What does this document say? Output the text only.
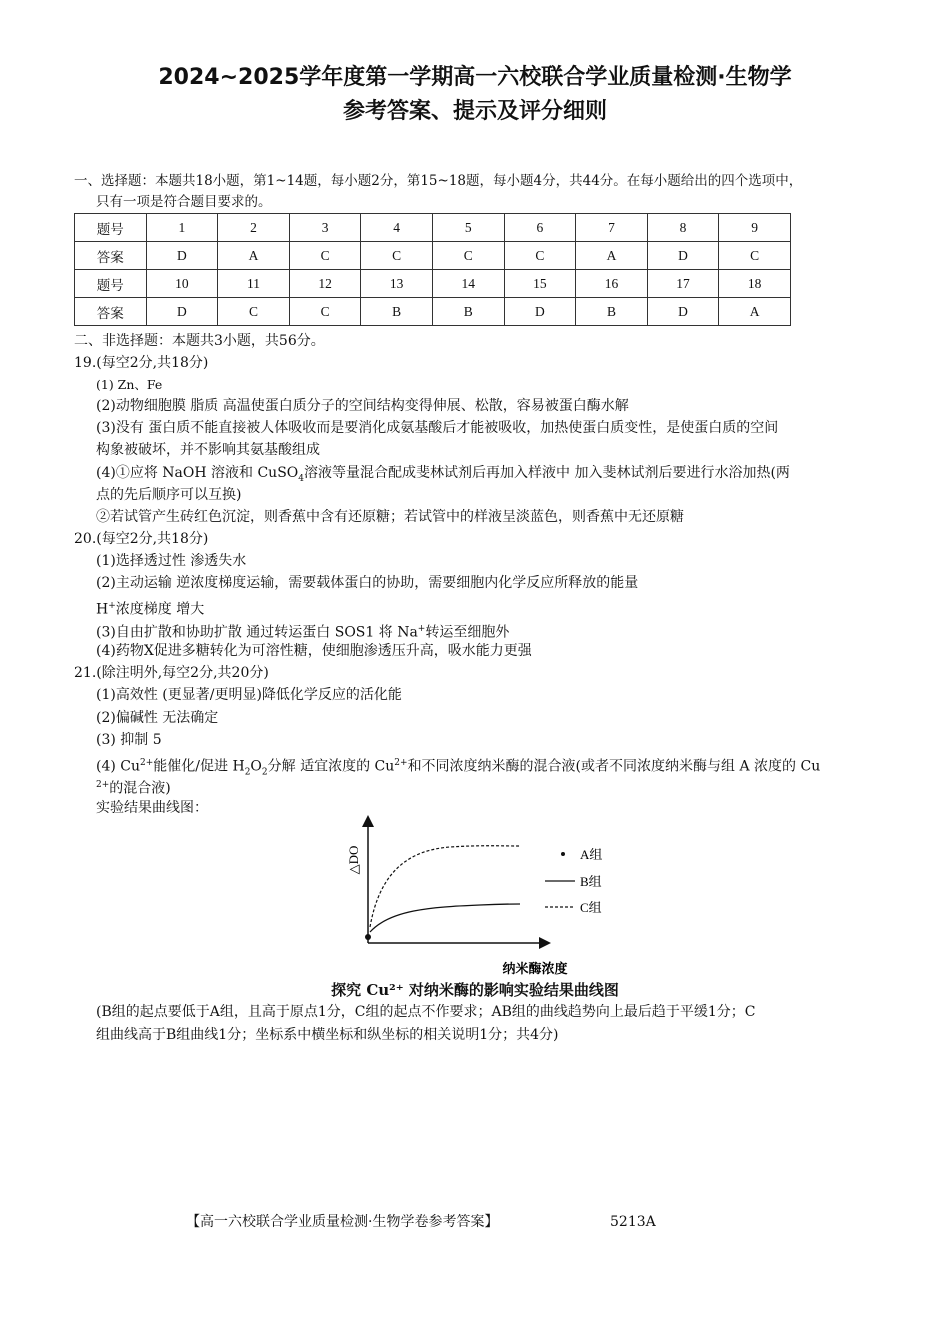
2024~2025学年度第一学期高一六校联合学业质量检测·生物学
参考答案、提示及评分细则
一、选择题：本题共18小题，第1~14题，每小题2分，第15~18题，每小题4分，共44分。在每小题给出的四个选项中，
只有一项是符合题目要求的。
题号	1	2	3	4	5	6	7	8	9
答案	D	A	C	C	C	C	A	D	C
题号	10	11	12	13	14	15	16	17	18
答案	D	C	C	B	B	D	B	D	A
二、非选择题：本题共3小题，共56分。
19.(每空2分,共18分)
(1) Zn、Fe
(2)动物细胞膜 脂质 高温使蛋白质分子的空间结构变得伸展、松散，容易被蛋白酶水解
(3)没有 蛋白质不能直接被人体吸收而是要消化成氨基酸后才能被吸收，加热使蛋白质变性，是使蛋白质的空间
构象被破坏，并不影响其氨基酸组成
(4)①应将 NaOH 溶液和 CuSO$_4$溶液等量混合配成斐林试剂后再加入样液中 加入斐林试剂后要进行水浴加热(两
点的先后顺序可以互换)
②若试管产生砖红色沉淀，则香蕉中含有还原糖；若试管中的样液呈淡蓝色，则香蕉中无还原糖
20.(每空2分,共18分)
(1)选择透过性 渗透失水
(2)主动运输 逆浓度梯度运输，需要载体蛋白的协助，需要细胞内化学反应所释放的能量
H+浓度梯度 增大
(3)自由扩散和协助扩散 通过转运蛋白 SOS1 将 Na+转运至细胞外
(4)药物X促进多糖转化为可溶性糖，使细胞渗透压升高，吸水能力更强
21.(除注明外,每空2分,共20分)
(1)高效性 (更显著/更明显)降低化学反应的活化能
(2)偏碱性 无法确定
(3) 抑制 5
(4) $Cu^{2+}$能催化/促进 $H_2O_2$分解 适宜浓度的 $Cu^{2+}$和不同浓度纳米酶的混合液(或者不同浓度纳米酶与组 A 浓度的 Cu
$^{2+}$的混合液)
实验结果曲线图：
△DO
纳米酶浓度
A组
B组
C组
探究 Cu²⁺ 对纳米酶的影响实验结果曲线图
(B组的起点要低于A组，且高于原点1分，C组的起点不作要求；AB组的曲线趋势向上最后趋于平缓1分；C
组曲线高于B组曲线1分；坐标系中横坐标和纵坐标的相关说明1分；共4分)
【高一六校联合学业质量检测·生物学卷参考答案】	5213A
